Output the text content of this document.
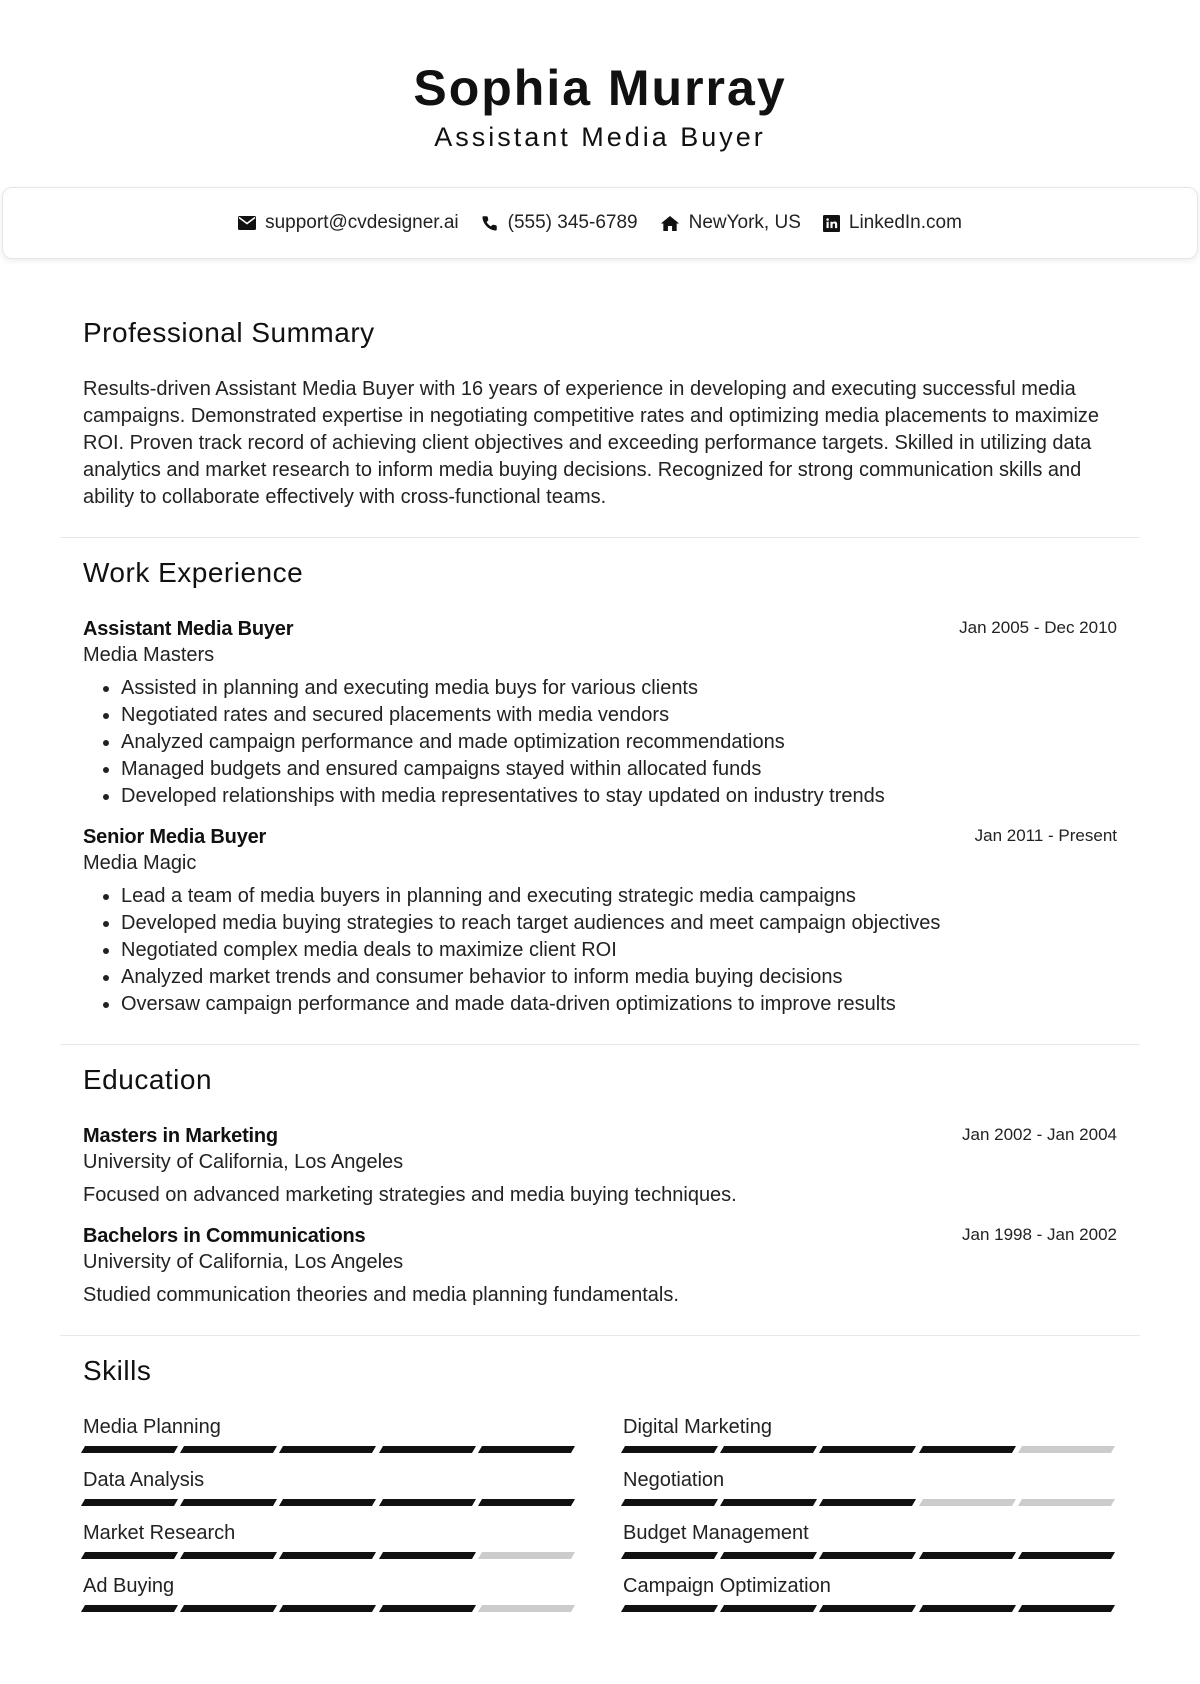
Sophia Murray
Assistant Media Buyer
support@cvdesigner.ai	(555) 345-6789	NewYork, US	LinkedIn.com
Professional Summary
Results-driven Assistant Media Buyer with 16 years of experience in developing and executing successful media campaigns. Demonstrated expertise in negotiating competitive rates and optimizing media placements to maximize ROI. Proven track record of achieving client objectives and exceeding performance targets. Skilled in utilizing data analytics and market research to inform media buying decisions. Recognized for strong communication skills and ability to collaborate effectively with cross-functional teams.
Work Experience
Assistant Media Buyer	Jan 2005 - Dec 2010
Media Masters
• Assisted in planning and executing media buys for various clients
• Negotiated rates and secured placements with media vendors
• Analyzed campaign performance and made optimization recommendations
• Managed budgets and ensured campaigns stayed within allocated funds
• Developed relationships with media representatives to stay updated on industry trends
Senior Media Buyer	Jan 2011 - Present
Media Magic
• Lead a team of media buyers in planning and executing strategic media campaigns
• Developed media buying strategies to reach target audiences and meet campaign objectives
• Negotiated complex media deals to maximize client ROI
• Analyzed market trends and consumer behavior to inform media buying decisions
• Oversaw campaign performance and made data-driven optimizations to improve results
Education
Masters in Marketing	Jan 2002 - Jan 2004
University of California, Los Angeles
Focused on advanced marketing strategies and media buying techniques.
Bachelors in Communications	Jan 1998 - Jan 2002
University of California, Los Angeles
Studied communication theories and media planning fundamentals.
Skills
Media Planning	Digital Marketing
Data Analysis	Negotiation
Market Research	Budget Management
Ad Buying	Campaign Optimization
